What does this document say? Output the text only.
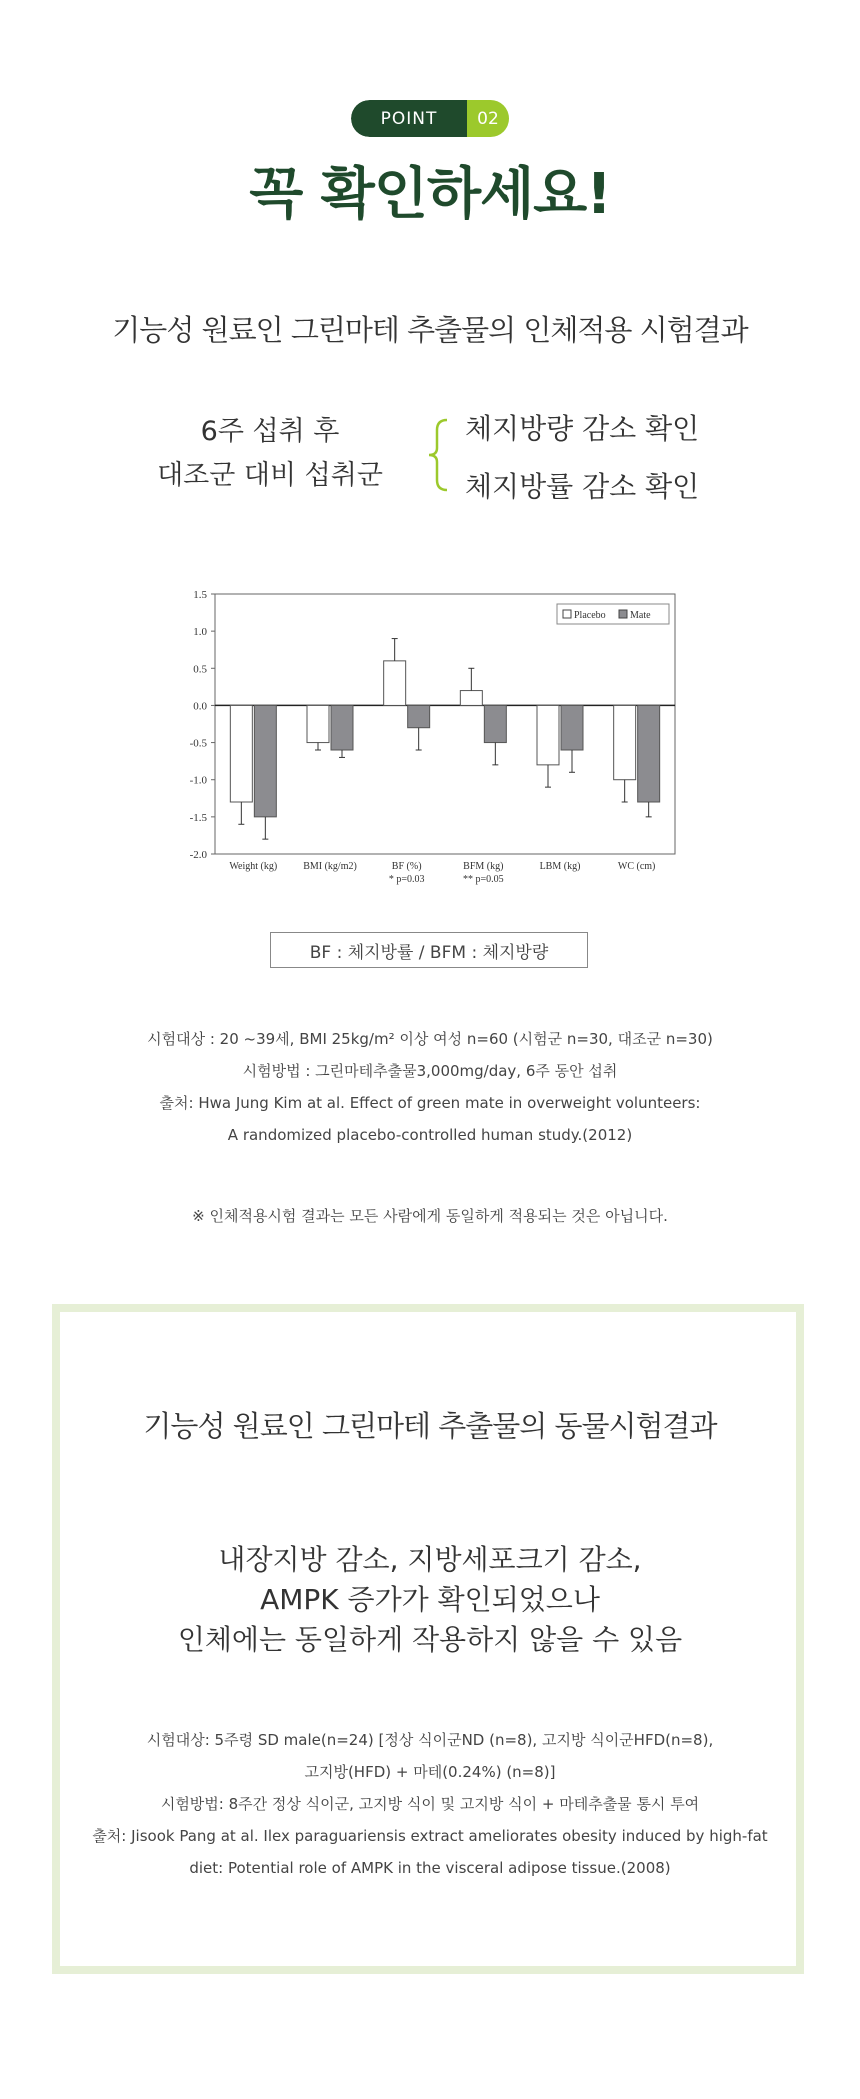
POINT	02
꼭 확인하세요!
기능성 원료인 그린마테 추출물의 인체적용 시험결과
6주 섭취 후
대조군 대비 섭취군
체지방량 감소 확인
체지방률 감소 확인
1.5
1.0
0.5
0.0
-0.5
-1.0
-1.5
-2.0
Weight (kg)	BMI (kg/m2)	BF (%)
* p=0.03
BFM (kg)
** p=0.05
LBM (kg)	WC (cm)
Placebo Mate
BF : 체지방률 / BFM : 체지방량
시험대상 : 20 ~39세, BMI 25kg/m² 이상 여성 n=60 (시험군 n=30, 대조군 n=30)
시험방법 : 그린마테추출물3,000mg/day, 6주 동안 섭취
출처: Hwa Jung Kim at al. Effect of green mate in overweight volunteers:
A randomized placebo-controlled human study.(2012)
※ 인체적용시험 결과는 모든 사람에게 동일하게 적용되는 것은 아닙니다.
기능성 원료인 그린마테 추출물의 동물시험결과
내장지방 감소, 지방세포크기 감소,
AMPK 증가가 확인되었으나
인체에는 동일하게 작용하지 않을 수 있음
시험대상: 5주령 SD male(n=24) [정상 식이군ND (n=8), 고지방 식이군HFD(n=8),
고지방(HFD) + 마테(0.24%) (n=8)]
시험방법: 8주간 정상 식이군, 고지방 식이 및 고지방 식이 + 마테추출물 통시 투여
출처: Jisook Pang at al. Ilex paraguariensis extract ameliorates obesity induced by high-fat
diet: Potential role of AMPK in the visceral adipose tissue.(2008)
